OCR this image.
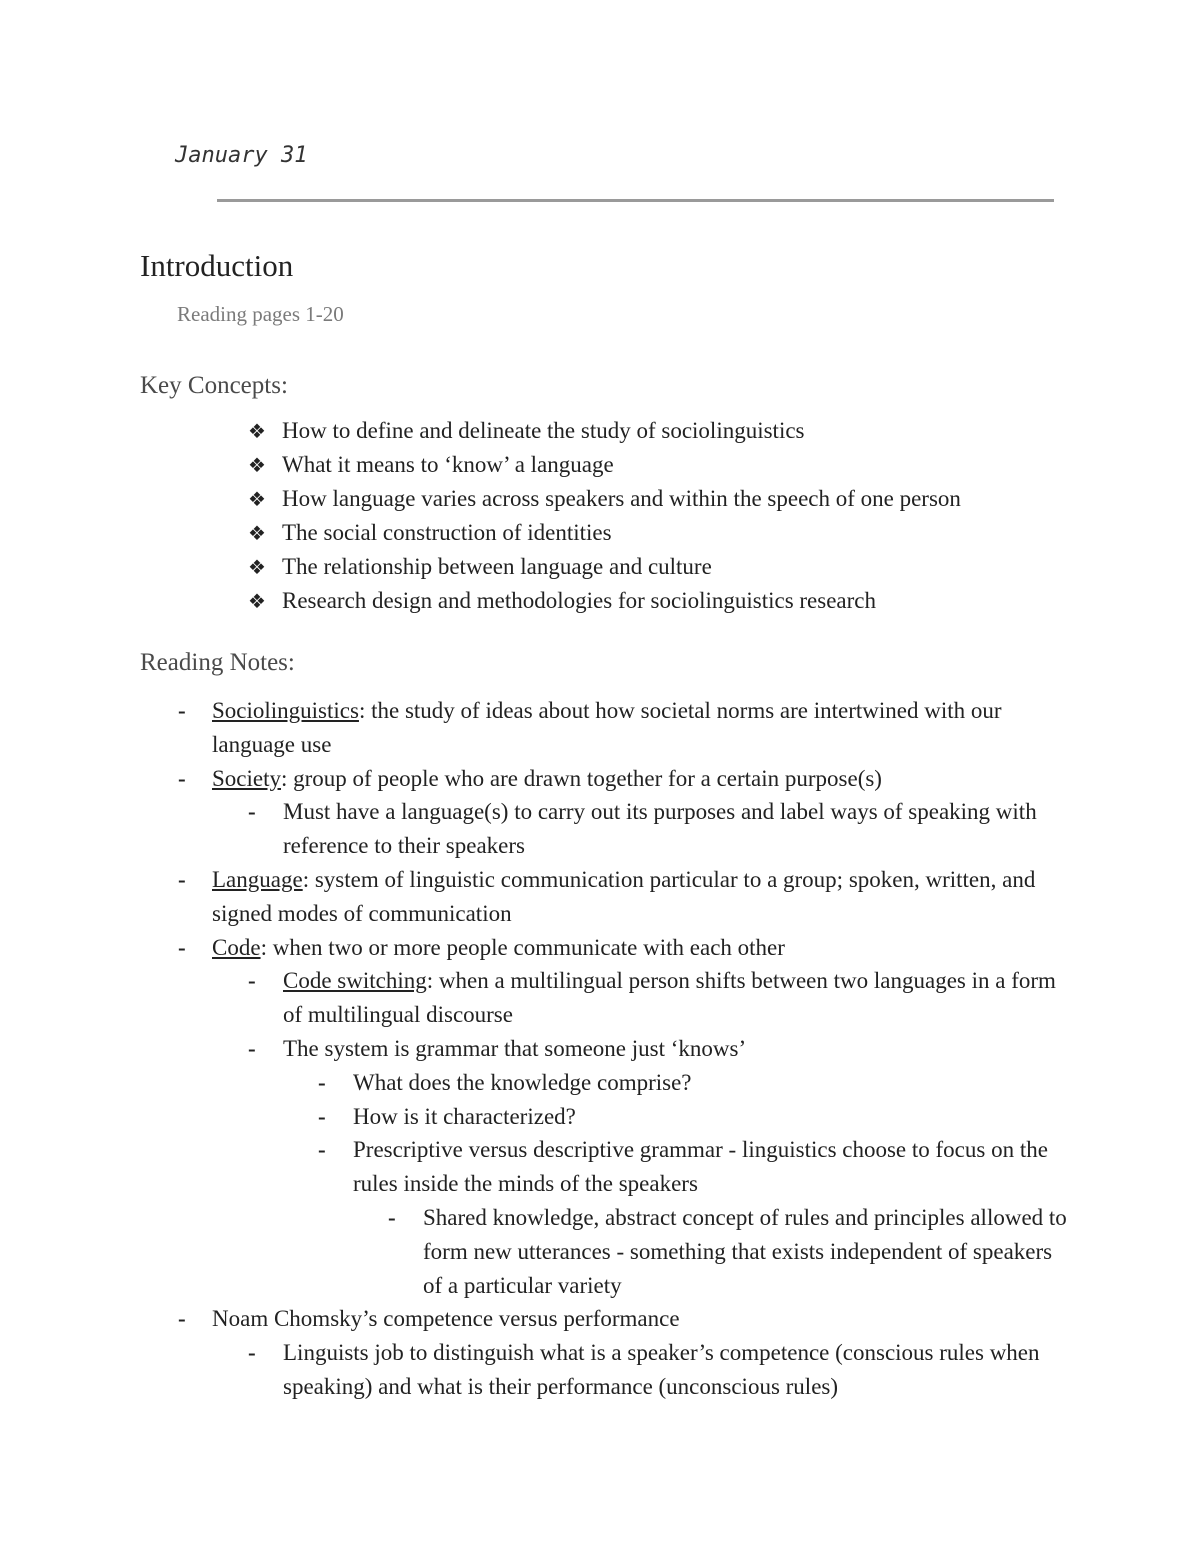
January 31
Introduction
Reading pages 1-20
Key Concepts:
❖ How to define and delineate the study of sociolinguistics
❖ What it means to ‘know’ a language
❖ How language varies across speakers and within the speech of one person
❖ The social construction of identities
❖ The relationship between language and culture
❖ Research design and methodologies for sociolinguistics research
Reading Notes:
- Sociolinguistics: the study of ideas about how societal norms are intertwined with our language use
- Society: group of people who are drawn together for a certain purpose(s)
- Must have a language(s) to carry out its purposes and label ways of speaking with reference to their speakers
- Language: system of linguistic communication particular to a group; spoken, written, and signed modes of communication
- Code: when two or more people communicate with each other
- Code switching: when a multilingual person shifts between two languages in a form of multilingual discourse
- The system is grammar that someone just ‘knows’
- What does the knowledge comprise?
- How is it characterized?
- Prescriptive versus descriptive grammar - linguistics choose to focus on the rules inside the minds of the speakers
- Shared knowledge, abstract concept of rules and principles allowed to form new utterances - something that exists independent of speakers of a particular variety
- Noam Chomsky’s competence versus performance
- Linguists job to distinguish what is a speaker’s competence (conscious rules when speaking) and what is their performance (unconscious rules)
